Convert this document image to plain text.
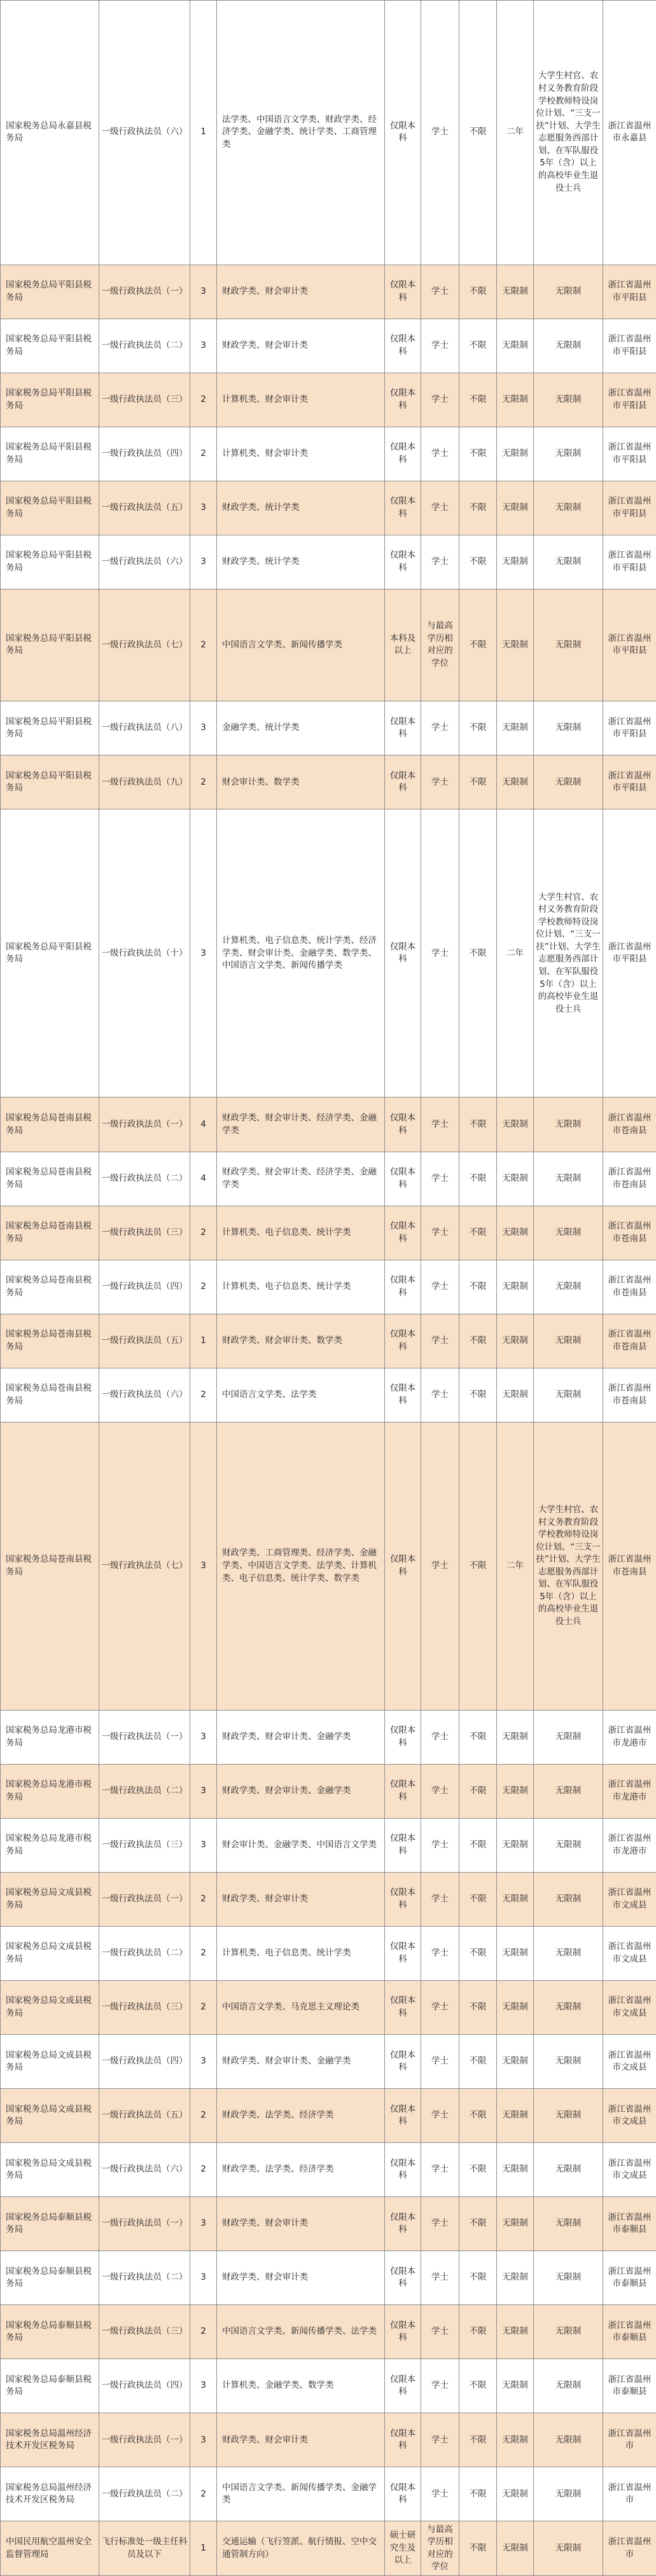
国家税务总局永嘉县税务局	一级行政执法员（六）	1	法学类、中国语言文学类、财政学类、经济学类、金融学类、统计学类、工商管理类	仅限本科	学士	不限	二年	大学生村官、农村义务教育阶段学校教师特设岗位计划、“三支一扶”计划、大学生志愿服务西部计划、在军队服役5年（含）以上的高校毕业生退役士兵	浙江省温州市永嘉县
国家税务总局平阳县税务局	一级行政执法员（一）	3	财政学类、财会审计类	仅限本科	学士	不限	无限制	无限制	浙江省温州市平阳县
国家税务总局平阳县税务局	一级行政执法员（二）	3	财政学类、财会审计类	仅限本科	学士	不限	无限制	无限制	浙江省温州市平阳县
国家税务总局平阳县税务局	一级行政执法员（三）	2	计算机类、财会审计类	仅限本科	学士	不限	无限制	无限制	浙江省温州市平阳县
国家税务总局平阳县税务局	一级行政执法员（四）	2	计算机类、财会审计类	仅限本科	学士	不限	无限制	无限制	浙江省温州市平阳县
国家税务总局平阳县税务局	一级行政执法员（五）	3	财政学类、统计学类	仅限本科	学士	不限	无限制	无限制	浙江省温州市平阳县
国家税务总局平阳县税务局	一级行政执法员（六）	3	财政学类、统计学类	仅限本科	学士	不限	无限制	无限制	浙江省温州市平阳县
国家税务总局平阳县税务局	一级行政执法员（七）	2	中国语言文学类、新闻传播学类	本科及以上	与最高学历相对应的学位	不限	无限制	无限制	浙江省温州市平阳县
国家税务总局平阳县税务局	一级行政执法员（八）	3	金融学类、统计学类	仅限本科	学士	不限	无限制	无限制	浙江省温州市平阳县
国家税务总局平阳县税务局	一级行政执法员（九）	2	财会审计类、数学类	仅限本科	学士	不限	无限制	无限制	浙江省温州市平阳县
国家税务总局平阳县税务局	一级行政执法员（十）	3	计算机类、电子信息类、统计学类、经济学类、财会审计类、金融学类、数学类、中国语言文学类、新闻传播学类	仅限本科	学士	不限	二年	大学生村官、农村义务教育阶段学校教师特设岗位计划、“三支一扶”计划、大学生志愿服务西部计划、在军队服役5年（含）以上的高校毕业生退役士兵	浙江省温州市平阳县
国家税务总局苍南县税务局	一级行政执法员（一）	4	财政学类、财会审计类、经济学类、金融学类	仅限本科	学士	不限	无限制	无限制	浙江省温州市苍南县
国家税务总局苍南县税务局	一级行政执法员（二）	4	财政学类、财会审计类、经济学类、金融学类	仅限本科	学士	不限	无限制	无限制	浙江省温州市苍南县
国家税务总局苍南县税务局	一级行政执法员（三）	2	计算机类、电子信息类、统计学类	仅限本科	学士	不限	无限制	无限制	浙江省温州市苍南县
国家税务总局苍南县税务局	一级行政执法员（四）	2	计算机类、电子信息类、统计学类	仅限本科	学士	不限	无限制	无限制	浙江省温州市苍南县
国家税务总局苍南县税务局	一级行政执法员（五）	1	财政学类、财会审计类、数学类	仅限本科	学士	不限	无限制	无限制	浙江省温州市苍南县
国家税务总局苍南县税务局	一级行政执法员（六）	2	中国语言文学类、法学类	仅限本科	学士	不限	无限制	无限制	浙江省温州市苍南县
国家税务总局苍南县税务局	一级行政执法员（七）	3	财政学类、工商管理类、经济学类、金融学类、中国语言文学类、法学类、计算机类、电子信息类、统计学类、数学类	仅限本科	学士	不限	二年	大学生村官、农村义务教育阶段学校教师特设岗位计划、“三支一扶”计划、大学生志愿服务西部计划、在军队服役5年（含）以上的高校毕业生退役士兵	浙江省温州市苍南县
国家税务总局龙港市税务局	一级行政执法员（一）	3	财政学类、财会审计类、金融学类	仅限本科	学士	不限	无限制	无限制	浙江省温州市龙港市
国家税务总局龙港市税务局	一级行政执法员（二）	3	财政学类、财会审计类、金融学类	仅限本科	学士	不限	无限制	无限制	浙江省温州市龙港市
国家税务总局龙港市税务局	一级行政执法员（三）	3	财会审计类、金融学类、中国语言文学类	仅限本科	学士	不限	无限制	无限制	浙江省温州市龙港市
国家税务总局文成县税务局	一级行政执法员（一）	2	财政学类、财会审计类	仅限本科	学士	不限	无限制	无限制	浙江省温州市文成县
国家税务总局文成县税务局	一级行政执法员（二）	2	计算机类、电子信息类、统计学类	仅限本科	学士	不限	无限制	无限制	浙江省温州市文成县
国家税务总局文成县税务局	一级行政执法员（三）	2	中国语言文学类、马克思主义理论类	仅限本科	学士	不限	无限制	无限制	浙江省温州市文成县
国家税务总局文成县税务局	一级行政执法员（四）	3	财政学类、财会审计类、金融学类	仅限本科	学士	不限	无限制	无限制	浙江省温州市文成县
国家税务总局文成县税务局	一级行政执法员（五）	2	财政学类、法学类、经济学类	仅限本科	学士	不限	无限制	无限制	浙江省温州市文成县
国家税务总局文成县税务局	一级行政执法员（六）	2	财政学类、法学类、经济学类	仅限本科	学士	不限	无限制	无限制	浙江省温州市文成县
国家税务总局泰顺县税务局	一级行政执法员（一）	3	财政学类、财会审计类	仅限本科	学士	不限	无限制	无限制	浙江省温州市泰顺县
国家税务总局泰顺县税务局	一级行政执法员（二）	3	财政学类、财会审计类	仅限本科	学士	不限	无限制	无限制	浙江省温州市泰顺县
国家税务总局泰顺县税务局	一级行政执法员（三）	2	中国语言文学类、新闻传播学类、法学类	仅限本科	学士	不限	无限制	无限制	浙江省温州市泰顺县
国家税务总局泰顺县税务局	一级行政执法员（四）	3	计算机类、金融学类、数学类	仅限本科	学士	不限	无限制	无限制	浙江省温州市泰顺县
国家税务总局温州经济技术开发区税务局	一级行政执法员（一）	3	财政学类、财会审计类	仅限本科	学士	不限	无限制	无限制	浙江省温州市
国家税务总局温州经济技术开发区税务局	一级行政执法员（二）	2	中国语言文学类、新闻传播学类、金融学类	仅限本科	学士	不限	无限制	无限制	浙江省温州市
中国民用航空温州安全监督管理局	飞行标准处一级主任科员及以下	1	交通运输（飞行签派、航行情报、空中交通管制方向）	硕士研究生及以上	与最高学历相对应的学位	不限	无限制	无限制	浙江省温州市
